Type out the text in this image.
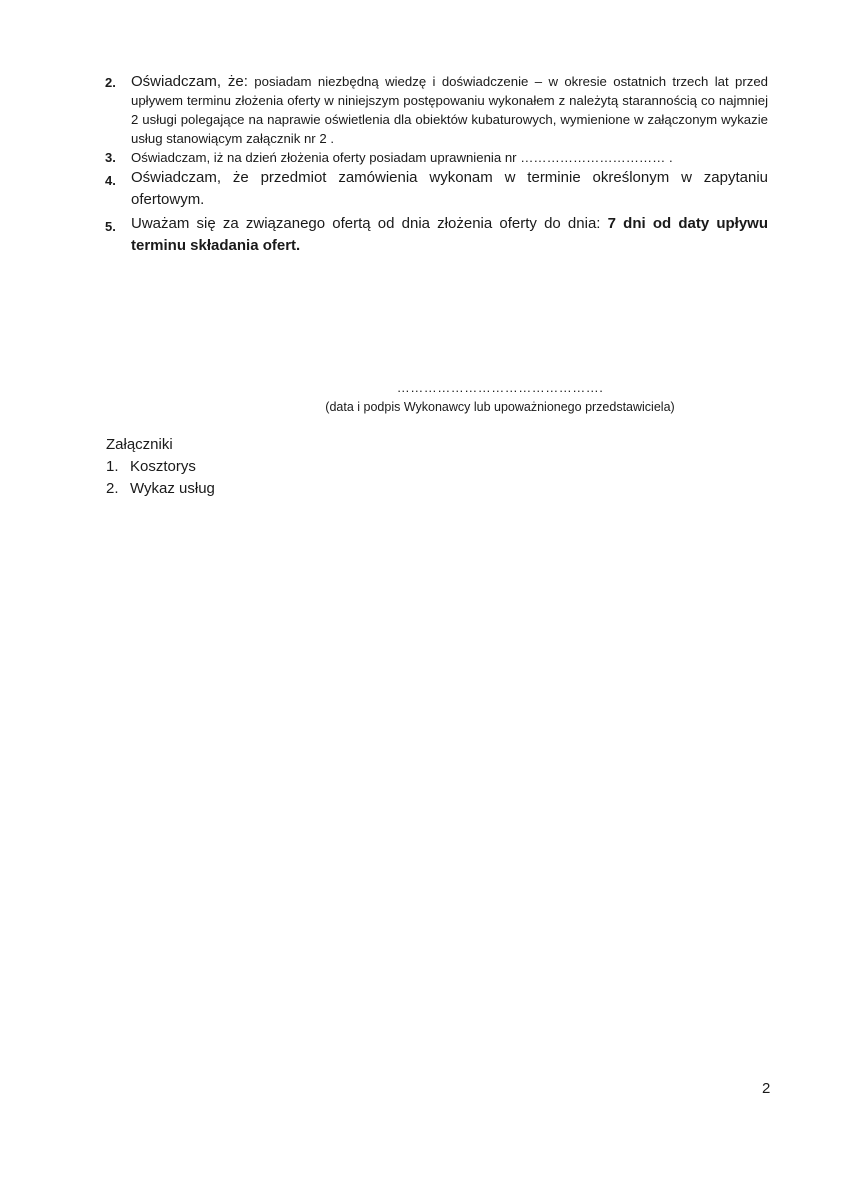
2. Oświadczam, że: posiadam niezbędną wiedzę i doświadczenie – w okresie ostatnich trzech lat przed upływem terminu złożenia oferty w niniejszym postępowaniu wykonałem z należytą starannością co najmniej 2 usługi polegające na naprawie oświetlenia dla obiektów kubaturowych, wymienione w załączonym wykazie usług stanowiącym załącznik nr 2 .
3. Oświadczam, iż na dzień złożenia oferty posiadam uprawnienia nr …………………………… .
4. Oświadczam, że przedmiot zamówienia wykonam w terminie określonym w zapytaniu ofertowym.
5. Uważam się za związanego ofertą od dnia złożenia oferty do dnia: 7 dni od daty upływu terminu składania ofert.
……………………………………….
(data i podpis Wykonawcy lub upoważnionego przedstawiciela)
Załączniki
1. Kosztorys
2. Wykaz usług
2
